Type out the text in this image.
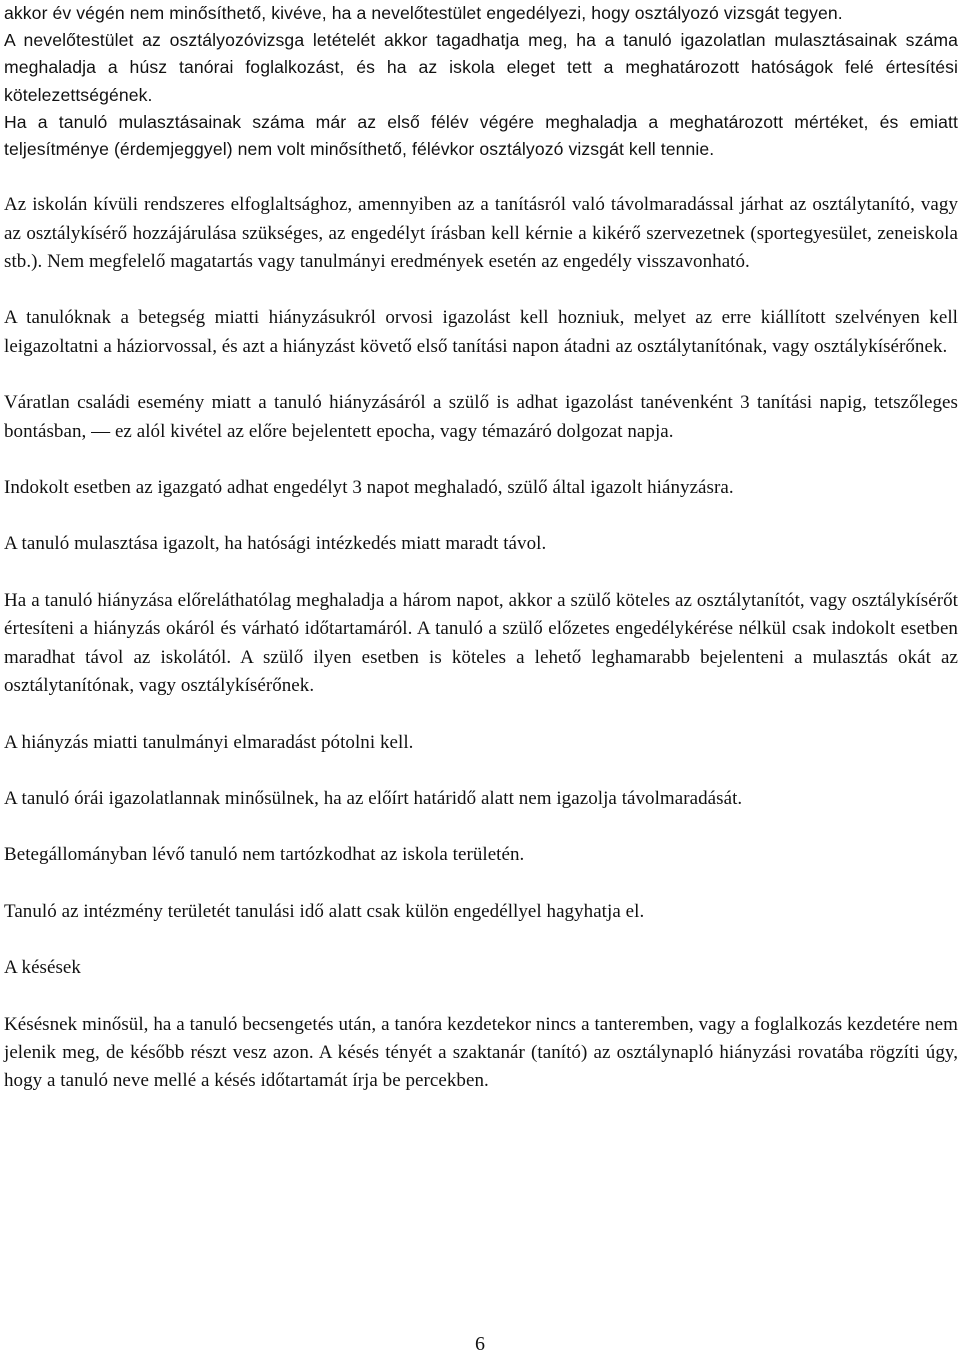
akkor év végén nem minősíthető, kivéve, ha a nevelőtestület engedélyezi, hogy osztályozó vizsgát tegyen.

A nevelőtestület az osztályozóvizsga letételét akkor tagadhatja meg, ha a tanuló igazolatlan mulasztásainak száma meghaladja a húsz tanórai foglalkozást, és ha az iskola eleget tett a meghatározott hatóságok felé értesítési kötelezettségének.

Ha a tanuló mulasztásainak száma már az első félév végére meghaladja a meghatározott mértéket, és emiatt teljesítménye (érdemjeggyel) nem volt minősíthető, félévkor osztályozó vizsgát kell tennie.

Az iskolán kívüli rendszeres elfoglaltsághoz, amennyiben az a tanításról való távolmaradással járhat az osztálytanító, vagy az osztálykísérő hozzájárulása szükséges, az engedélyt írásban kell kérnie a kikérő szervezetnek (sportegyesület, zeneiskola stb.). Nem megfelelő magatartás vagy tanulmányi eredmények esetén az engedély visszavonható.

A tanulóknak a betegség miatti hiányzásukról orvosi igazolást kell hozniuk, melyet az erre kiállított szelvényen kell leigazoltatni a háziorvossal, és azt a hiányzást követő első tanítási napon átadni az osztálytanítónak, vagy osztálykísérőnek.

Váratlan családi esemény miatt a tanuló hiányzásáról a szülő is adhat igazolást tanévenként 3 tanítási napig, tetszőleges bontásban, ― ez alól kivétel az előre bejelentett epocha, vagy témazáró dolgozat napja.

Indokolt esetben az igazgató adhat engedélyt 3 napot meghaladó, szülő által igazolt hiányzásra.

A tanuló mulasztása igazolt, ha hatósági intézkedés miatt maradt távol.

Ha a tanuló hiányzása előreláthatólag meghaladja a három napot, akkor a szülő köteles az osztálytanítót, vagy osztálykísérőt értesíteni a hiányzás okáról és várható időtartamáról. A tanuló a szülő előzetes engedélykérése nélkül csak indokolt esetben maradhat távol az iskolától. A szülő ilyen esetben is köteles a lehető leghamarabb bejelenteni a mulasztás okát az osztálytanítónak, vagy osztálykísérőnek.

A hiányzás miatti tanulmányi elmaradást pótolni kell.

A tanuló órái igazolatlannak minősülnek, ha az előírt határidő alatt nem igazolja távolmaradását.

Betegállományban lévő tanuló nem tartózkodhat az iskola területén.

Tanuló az intézmény területét tanulási idő alatt csak külön engedéllyel hagyhatja el.

A késések

Késésnek minősül, ha a tanuló becsengetés után, a tanóra kezdetekor nincs a tanteremben, vagy a foglalkozás kezdetére nem jelenik meg, de később részt vesz azon. A késés tényét a szaktanár (tanító) az osztálynapló hiányzási rovatába rögzíti úgy, hogy a tanuló neve mellé a késés időtartamát írja be percekben.

6
